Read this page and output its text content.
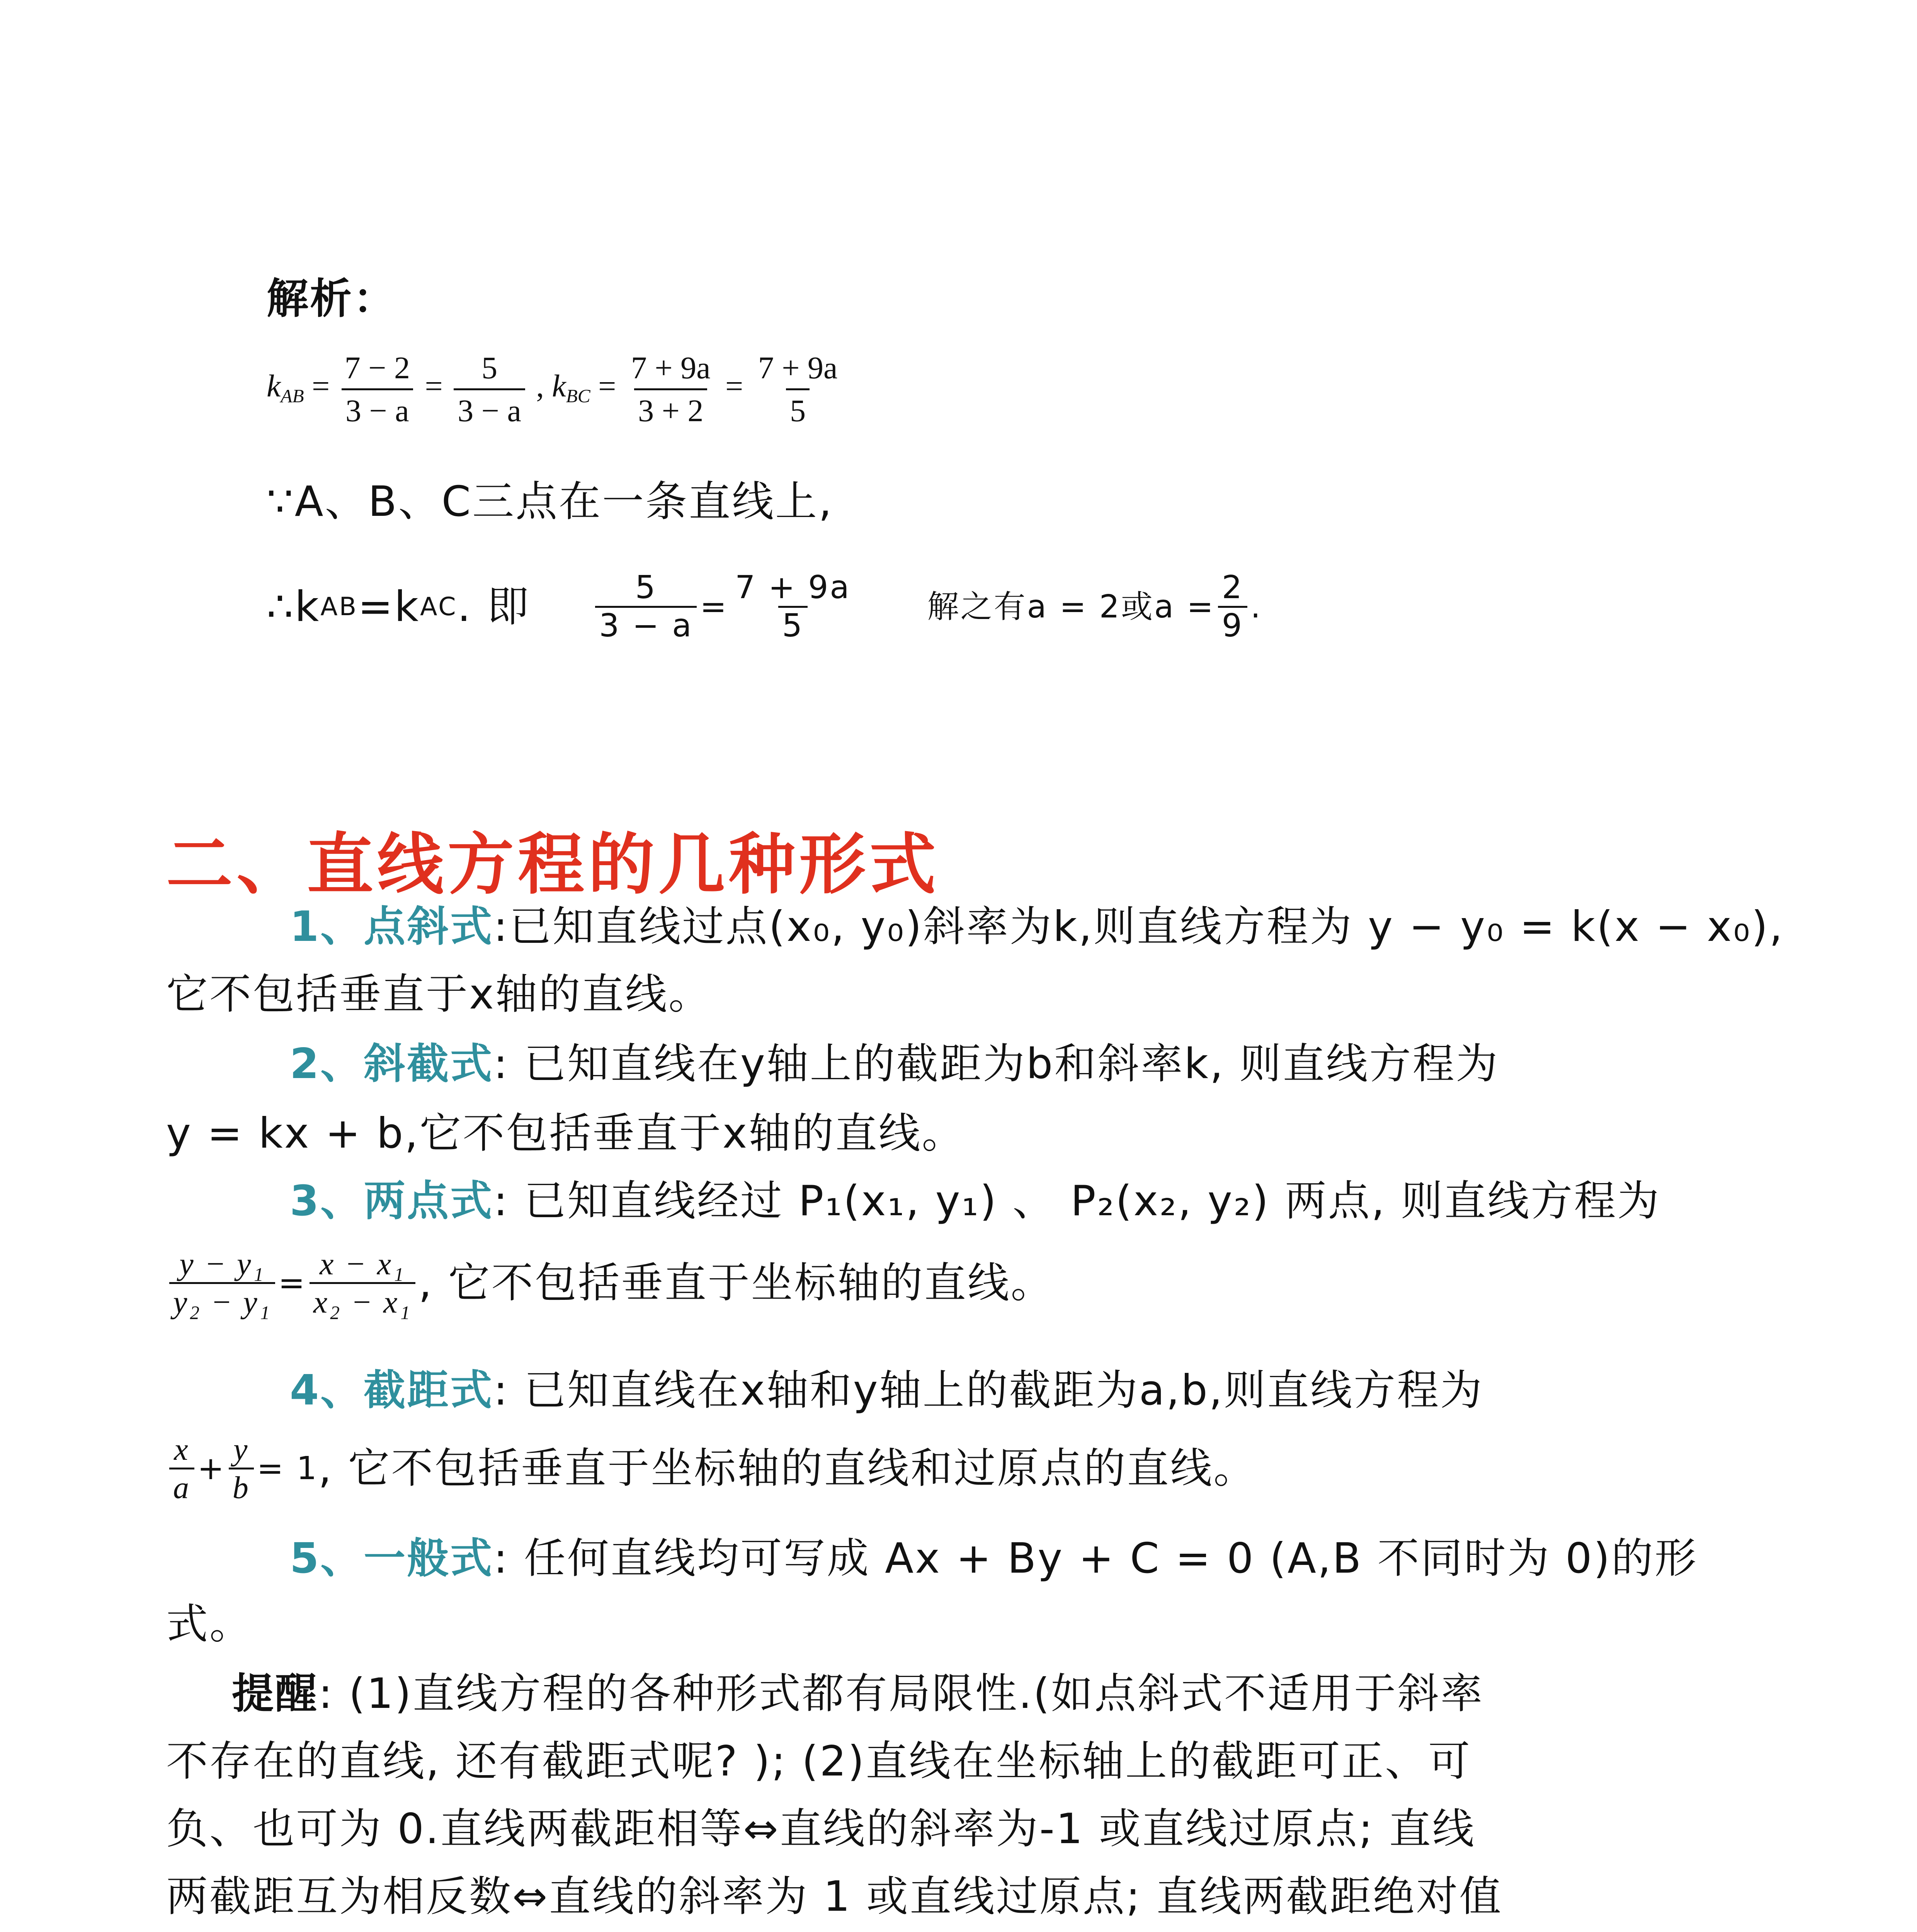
解析：
$k_{AB} = \frac{7 - 2}{3 - a} = \frac{5}{3 - a}$ , $k_{BC} = \frac{7 + 9a}{3 + 2} = \frac{7 + 9a}{5}$
∵A、B、C三点在一条直线上,
∴k AB =k AC . 即 $\frac{5}{3 - a} = \frac{7 + 9a}{5}$ 解之有a = 2或$a = \frac{2}{9}$ .
二、直线方程的几种形式
1、点斜式:已知直线过点(x₀, y₀)斜率为k,则直线方程为 y − y₀ = k(x − x₀),
它不包括垂直于x轴的直线。
2、斜截式: 已知直线在y轴上的截距为b和斜率k, 则直线方程为
y = kx + b,它不包括垂直于x轴的直线。
3、两点式: 已知直线经过 P₁(x₁, y₁) 、 P₂(x₂, y₂) 两点, 则直线方程为
$\frac{\text{y − y₁}}{\text{y₂ − y₁}} = \frac{\text{x − x₁}}{\text{x₂ − x₁}}$ , 它不包括垂直于坐标轴的直线。
4、截距式: 已知直线在x轴和y轴上的截距为a,b,则直线方程为
$\frac{x}{a} + \frac{y}{b} = 1$ , 它不包括垂直于坐标轴的直线和过原点的直线。
5、一般式: 任何直线均可写成 Ax + By + C = 0 (A,B 不同时为 0)的形
式。
提醒: (1)直线方程的各种形式都有局限性.(如点斜式不适用于斜率
不存在的直线, 还有截距式呢? ); (2)直线在坐标轴上的截距可正、可
负、也可为 0.直线两截距相等⇔直线的斜率为-1 或直线过原点; 直线
两截距互为相反数⇔直线的斜率为 1 或直线过原点; 直线两截距绝对值
